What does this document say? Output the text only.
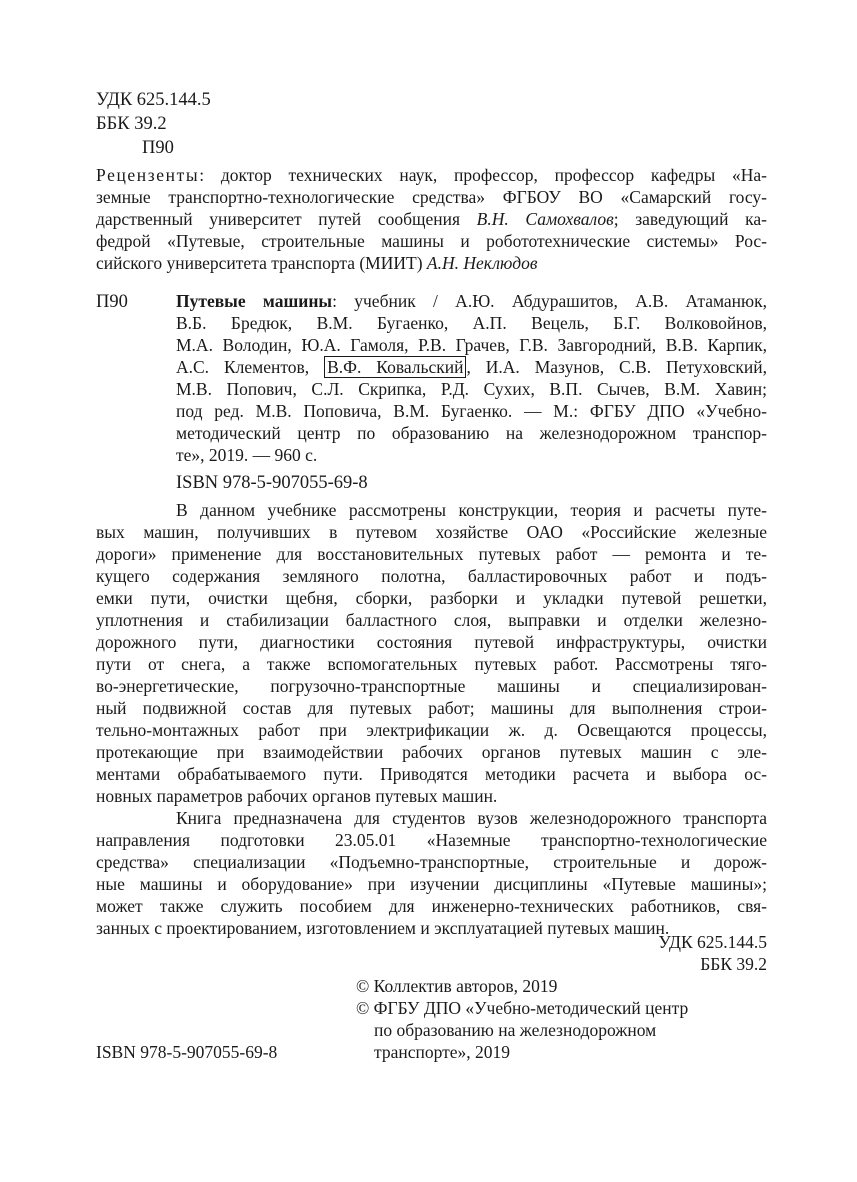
УДК 625.144.5
ББК 39.2
П90
Рецензенты: доктор технических наук, профессор, профессор кафедры «На-
земные транспортно-технологические средства» ФГБОУ ВО «Самарский госу-
дарственный университет путей сообщения В.Н. Самохвалов; заведующий ка-
федрой «Путевые, строительные машины и робототехнические системы» Рос-
сийского университета транспорта (МИИТ) А.Н. Неклюдов
П90	Путевые машины: учебник / А.Ю. Абдурашитов, А.В. Атаманюк,
В.Б. Бредюк, В.М. Бугаенко, А.П. Вецель, Б.Г. Волковойнов,
М.А. Володин, Ю.А. Гамоля, Р.В. Грачев, Г.В. Завгородний, В.В. Карпик,
А.С. Клементов, В.Ф. Ковальский , И.А. Мазунов, С.В. Петуховский,
М.В. Попович, С.Л. Скрипка, Р.Д. Сухих, В.П. Сычев, В.М. Хавин;
под ред. М.В. Поповича, В.М. Бугаенко. — М.: ФГБУ ДПО «Учебно-
методический центр по образованию на железнодорожном транспор-
те», 2019. — 960 с.
ISBN 978-5-907055-69-8
В данном учебнике рассмотрены конструкции, теория и расчеты путе-
вых машин, получивших в путевом хозяйстве ОАО «Российские железные
дороги» применение для восстановительных путевых работ — ремонта и те-
кущего содержания земляного полотна, балластировочных работ и подъ-
емки пути, очистки щебня, сборки, разборки и укладки путевой решетки,
уплотнения и стабилизации балластного слоя, выправки и отделки железно-
дорожного пути, диагностики состояния путевой инфраструктуры, очистки
пути от снега, а также вспомогательных путевых работ. Рассмотрены тяго-
во-энергетические, погрузочно-транспортные машины и специализирован-
ный подвижной состав для путевых работ; машины для выполнения строи-
тельно-монтажных работ при электрификации ж. д. Освещаются процессы,
протекающие при взаимодействии рабочих органов путевых машин с эле-
ментами обрабатываемого пути. Приводятся методики расчета и выбора ос-
новных параметров рабочих органов путевых машин.
Книга предназначена для студентов вузов железнодорожного транспорта
направления подготовки 23.05.01 «Наземные транспортно-технологические
средства» специализации «Подъемно-транспортные, строительные и дорож-
ные машины и оборудование» при изучении дисциплины «Путевые машины»;
может также служить пособием для инженерно-технических работников, свя-
занных с проектированием, изготовлением и эксплуатацией путевых машин.
УДК 625.144.5
ББК 39.2
© Коллектив авторов, 2019
© ФГБУ ДПО «Учебно-методический центр
по образованию на железнодорожном
транспорте», 2019
ISBN 978-5-907055-69-8
